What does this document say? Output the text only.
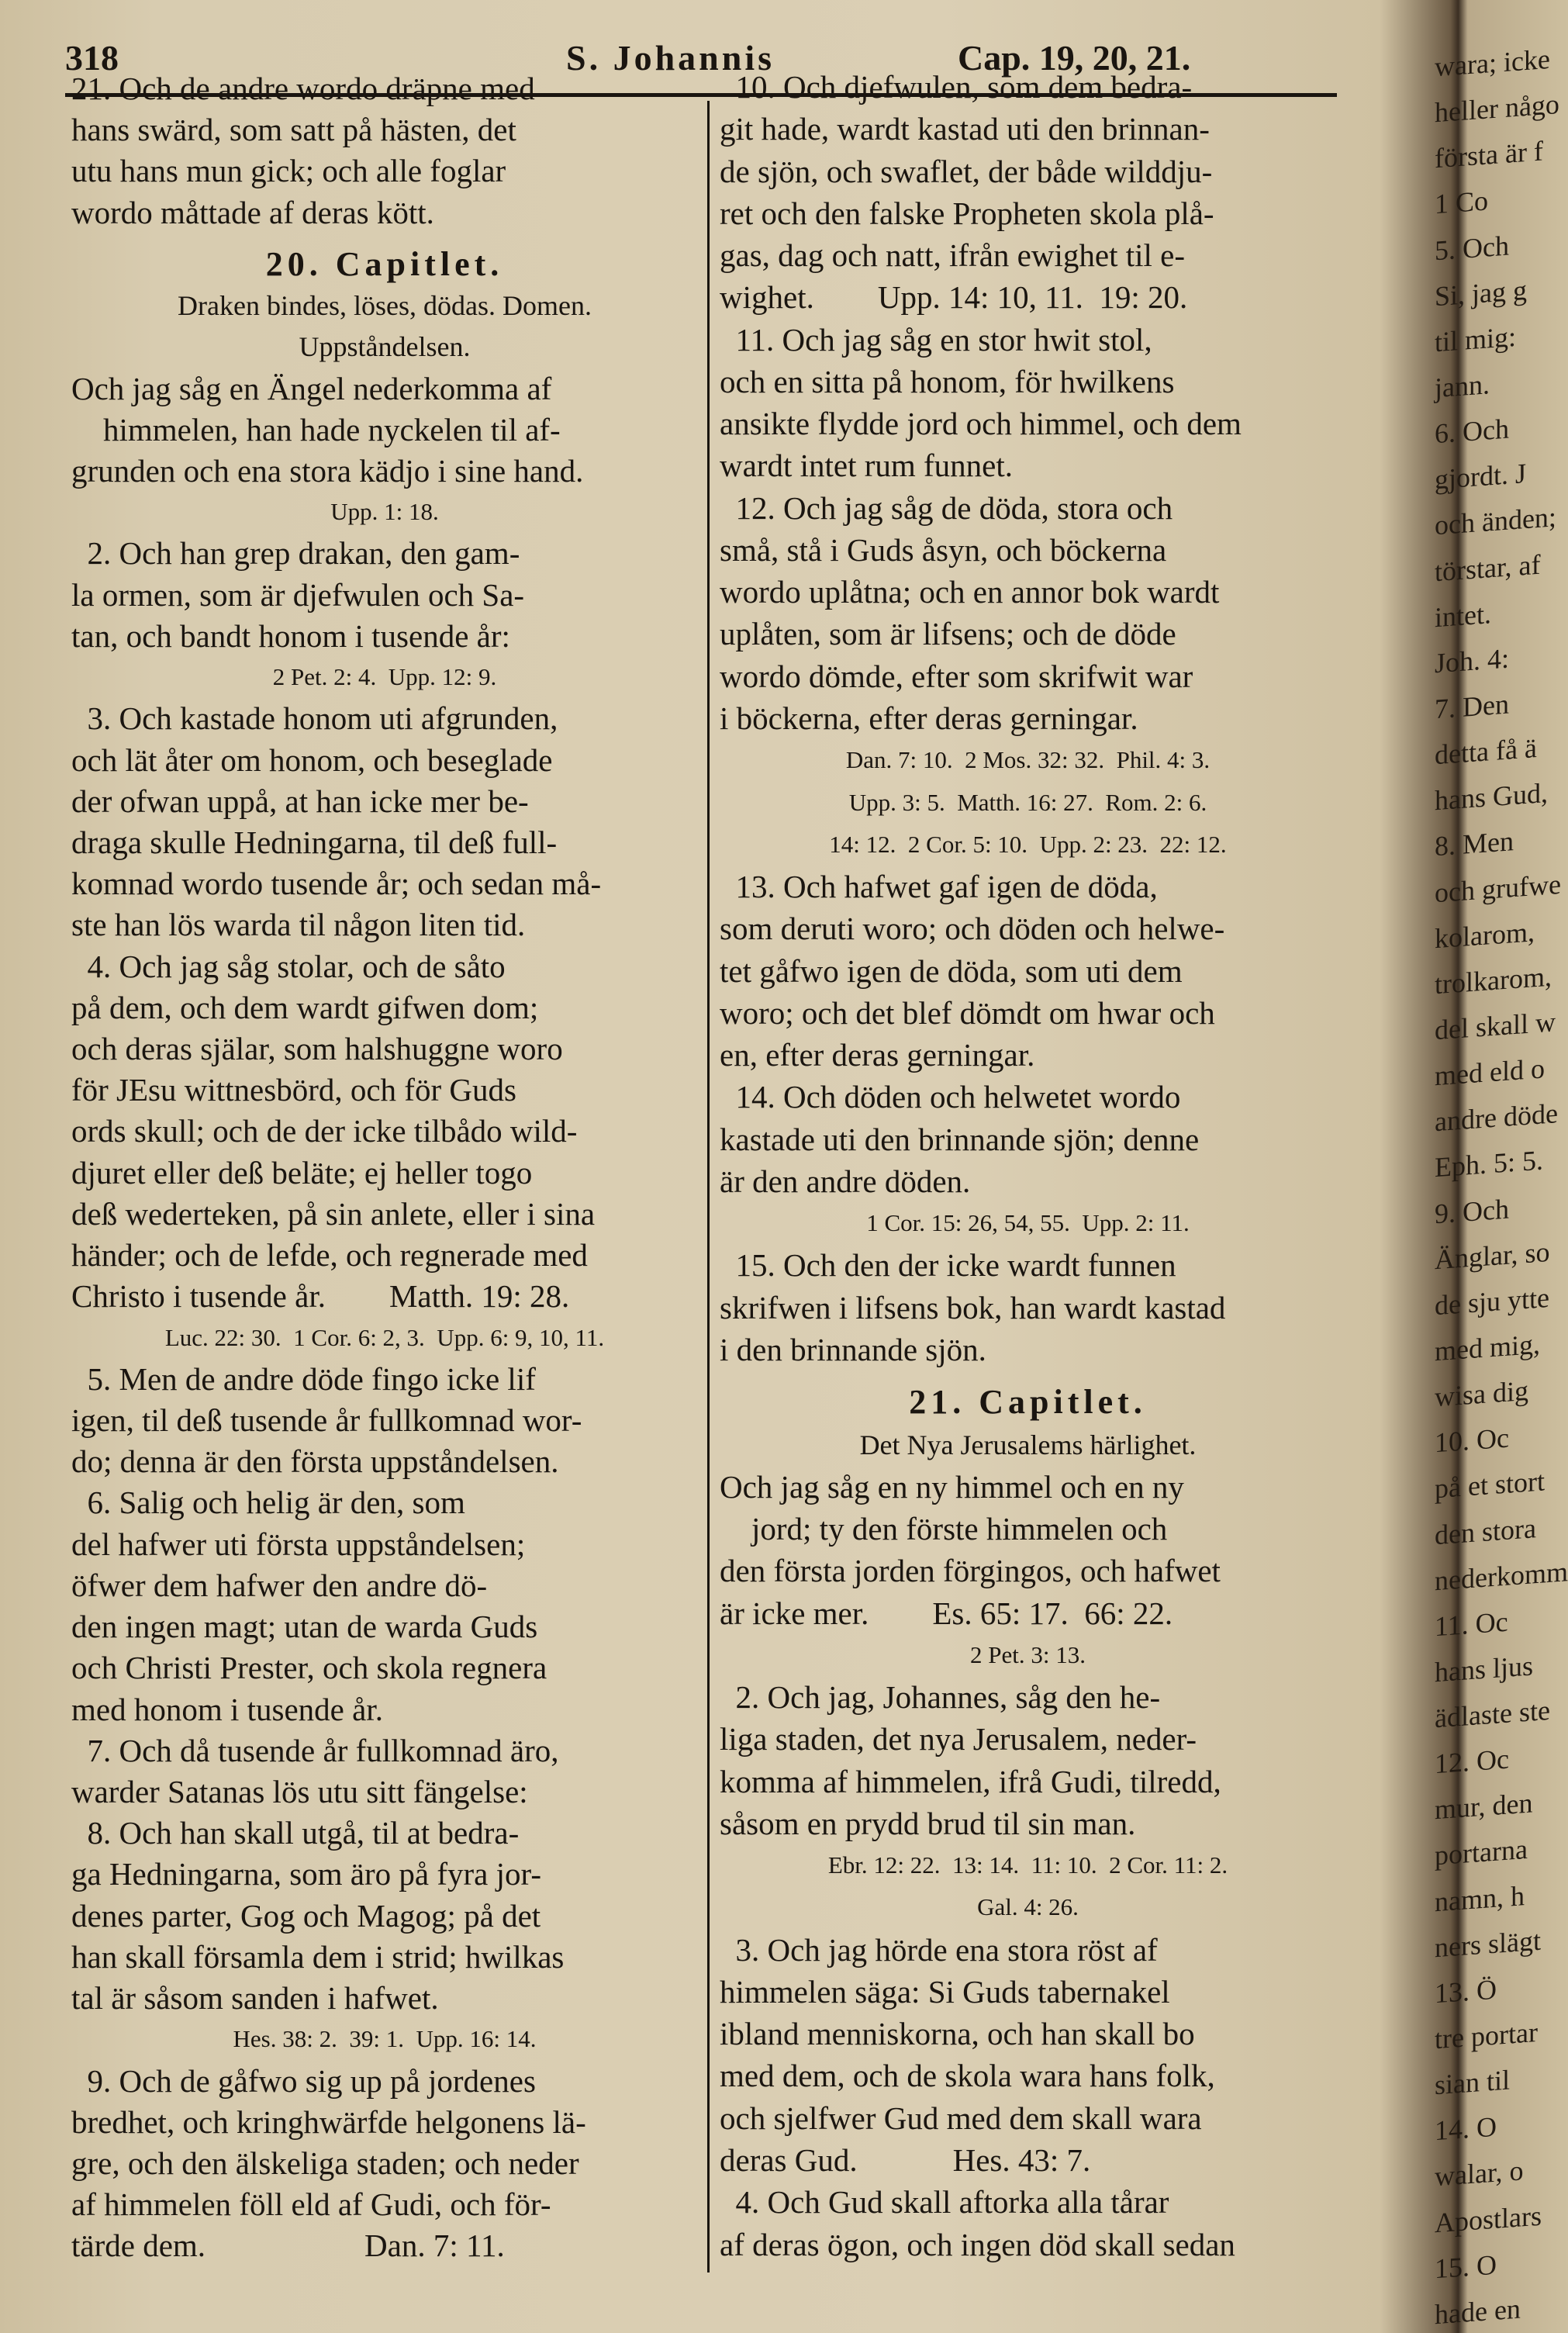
318	S. Johannis	Cap. 19, 20, 21.
21. Och de andre wordo dräpne med
hans swärd, som satt på hästen, det
utu hans mun gick; och alle foglar
wordo måttade af deras kött.
20. Capitlet.
Draken bindes, löses, dödas. Domen.
Uppståndelsen.
Och jag såg en Ängel nederkomma af
himmelen, han hade nyckelen til af-
grunden och ena stora kädjo i sine hand.
Upp. 1: 18.
2. Och han grep drakan, den gam-
la ormen, som är djefwulen och Sa-
tan, och bandt honom i tusende år:
2 Pet. 2: 4.  Upp. 12: 9.
3. Och kastade honom uti afgrunden,
och lät åter om honom, och beseglade
der ofwan uppå, at han icke mer be-
draga skulle Hedningarna, til deß full-
komnad wordo tusende år; och sedan må-
ste han lös warda til någon liten tid.
4. Och jag såg stolar, och de såto
på dem, och dem wardt gifwen dom;
och deras själar, som halshuggne woro
för JEsu wittnesbörd, och för Guds
ords skull; och de der icke tilbådo wild-
djuret eller deß beläte; ej heller togo
deß wederteken, på sin anlete, eller i sina
händer; och de lefde, och regnerade med
Christo i tusende år.        Matth. 19: 28.
Luc. 22: 30.  1 Cor. 6: 2, 3.  Upp. 6: 9, 10, 11.
5. Men de andre döde fingo icke lif
igen, til deß tusende år fullkomnad wor-
do; denna är den första uppståndelsen.
6. Salig och helig är den, som
del hafwer uti första uppståndelsen;
öfwer dem hafwer den andre dö-
den ingen magt; utan de warda Guds
och Christi Prester, och skola regnera
med honom i tusende år.
7. Och då tusende år fullkomnad äro,
warder Satanas lös utu sitt fängelse:
8. Och han skall utgå, til at bedra-
ga Hedningarna, som äro på fyra jor-
denes parter, Gog och Magog; på det
han skall församla dem i strid; hwilkas
tal är såsom sanden i hafwet.
Hes. 38: 2.  39: 1.  Upp. 16: 14.
9. Och de gåfwo sig up på jordenes
bredhet, och kringhwärfde helgonens lä-
gre, och den älskeliga staden; och neder
af himmelen föll eld af Gudi, och för-
tärde dem.                    Dan. 7: 11.
10. Och djefwulen, som dem bedra-
git hade, wardt kastad uti den brinnan-
de sjön, och swaflet, der både wilddju-
ret och den falske Propheten skola plå-
gas, dag och natt, ifrån ewighet til e-
wighet.        Upp. 14: 10, 11.  19: 20.
11. Och jag såg en stor hwit stol,
och en sitta på honom, för hwilkens
ansikte flydde jord och himmel, och dem
wardt intet rum funnet.
12. Och jag såg de döda, stora och
små, stå i Guds åsyn, och böckerna
wordo uplåtna; och en annor bok wardt
uplåten, som är lifsens; och de döde
wordo dömde, efter som skrifwit war
i böckerna, efter deras gerningar.
Dan. 7: 10.  2 Mos. 32: 32.  Phil. 4: 3.
Upp. 3: 5.  Matth. 16: 27.  Rom. 2: 6.
14: 12.  2 Cor. 5: 10.  Upp. 2: 23.  22: 12.
13. Och hafwet gaf igen de döda,
som deruti woro; och döden och helwe-
tet gåfwo igen de döda, som uti dem
woro; och det blef dömdt om hwar och
en, efter deras gerningar.
14. Och döden och helwetet wordo
kastade uti den brinnande sjön; denne
är den andre döden.
1 Cor. 15: 26, 54, 55.  Upp. 2: 11.
15. Och den der icke wardt funnen
skrifwen i lifsens bok, han wardt kastad
i den brinnande sjön.
21. Capitlet.
Det Nya Jerusalems härlighet.
Och jag såg en ny himmel och en ny
jord; ty den förste himmelen och
den första jorden förgingos, och hafwet
är icke mer.        Es. 65: 17.  66: 22.
2 Pet. 3: 13.
2. Och jag, Johannes, såg den he-
liga staden, det nya Jerusalem, neder-
komma af himmelen, ifrå Gudi, tilredd,
såsom en prydd brud til sin man.
Ebr. 12: 22.  13: 14.  11: 10.  2 Cor. 11: 2.
Gal. 4: 26.
3. Och jag hörde ena stora röst af
himmelen säga: Si Guds tabernakel
ibland menniskorna, och han skall bo
med dem, och de skola wara hans folk,
och sjelfwer Gud med dem skall wara
deras Gud.            Hes. 43: 7.
4. Och Gud skall aftorka alla tårar
af deras ögon, och ingen död skall sedan
wara; icke
heller någo
första är f
1 Co
5. Och
Si, jag g
til mig:
jann.
6. Och
gjordt. J
och änden;
törstar, af
intet.
Joh. 4:
7. Den
detta få ä
hans Gud,
8. Men
och grufwe
kolarom,
trolkarom,
del skall w
med eld o
andre döde
Eph. 5: 5.
9. Och
Änglar, so
de sju ytte
med mig,
wisa dig
10. Oc
på et stort
den stora
nederkomm
11. Oc
hans ljus
ädlaste ste
12. Oc
mur, den
portarna
namn, h
ners slägt
13. Ö
tre portar
sian til
14. O
walar, o
Apostlars
15. O
hade en
